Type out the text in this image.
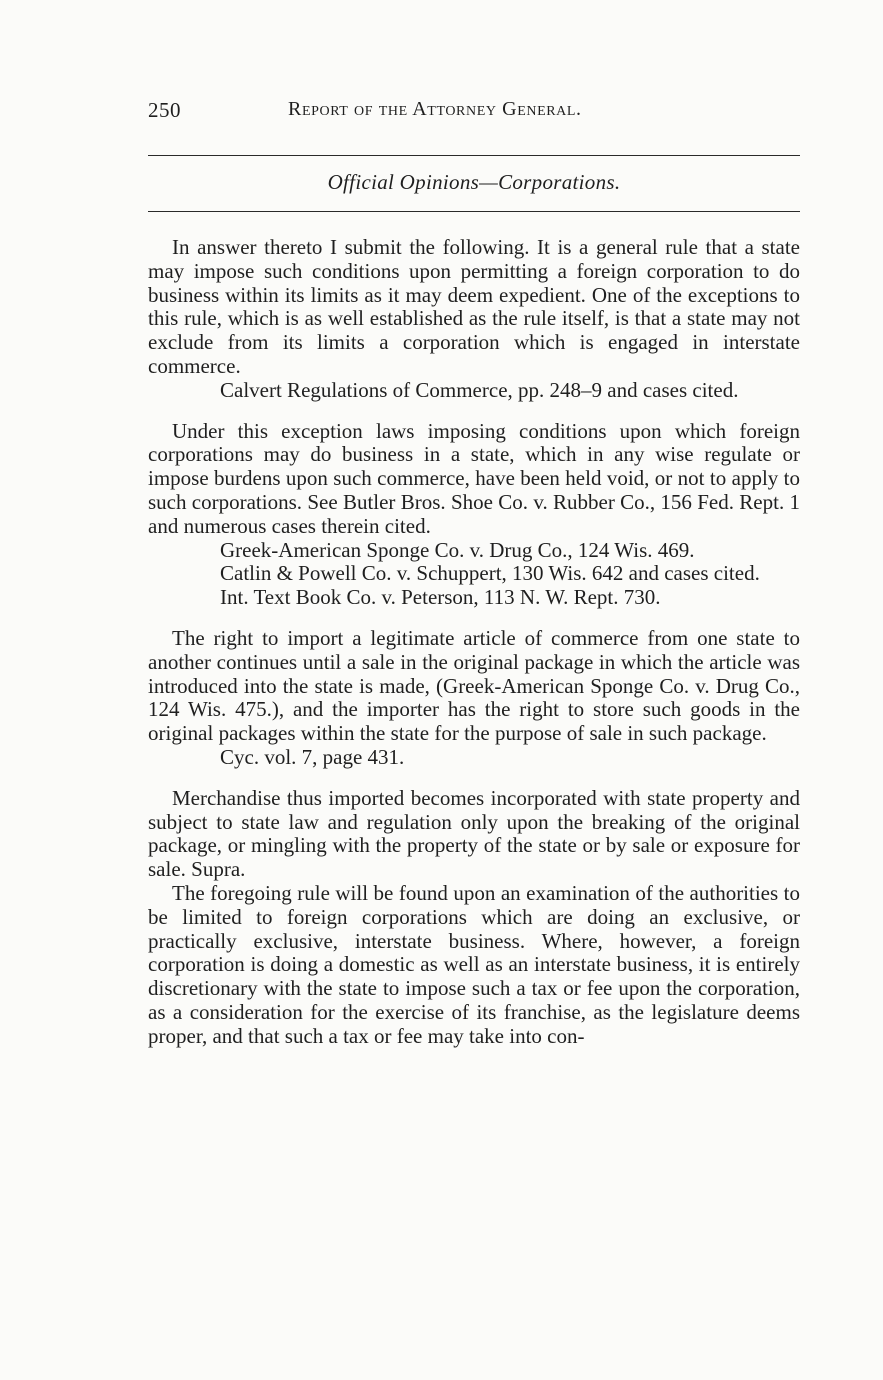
250	Report of the Attorney General.
Official Opinions—Corporations.

In answer thereto I submit the following. It is a general rule that a state may impose such conditions upon permitting a foreign corporation to do business within its limits as it may deem expedient. One of the exceptions to this rule, which is as well established as the rule itself, is that a state may not exclude from its limits a corporation which is engaged in interstate commerce.

Calvert Regulations of Commerce, pp. 248–9 and cases cited.

Under this exception laws imposing conditions upon which foreign corporations may do business in a state, which in any wise regulate or impose burdens upon such commerce, have been held void, or not to apply to such corporations. See Butler Bros. Shoe Co. v. Rubber Co., 156 Fed. Rept. 1 and numerous cases therein cited.

Greek-American Sponge Co. v. Drug Co., 124 Wis. 469.

Catlin & Powell Co. v. Schuppert, 130 Wis. 642 and cases cited.

Int. Text Book Co. v. Peterson, 113 N. W. Rept. 730.

The right to import a legitimate article of commerce from one state to another continues until a sale in the original package in which the article was introduced into the state is made, (Greek-American Sponge Co. v. Drug Co., 124 Wis. 475.), and the importer has the right to store such goods in the original packages within the state for the purpose of sale in such package.

Cyc. vol. 7, page 431.

Merchandise thus imported becomes incorporated with state property and subject to state law and regulation only upon the breaking of the original package, or mingling with the property of the state or by sale or exposure for sale. Supra.

The foregoing rule will be found upon an examination of the authorities to be limited to foreign corporations which are doing an exclusive, or practically exclusive, interstate business. Where, however, a foreign corporation is doing a domestic as well as an interstate business, it is entirely discretionary with the state to impose such a tax or fee upon the corporation, as a consideration for the exercise of its franchise, as the legislature deems proper, and that such a tax or fee may take into con-
